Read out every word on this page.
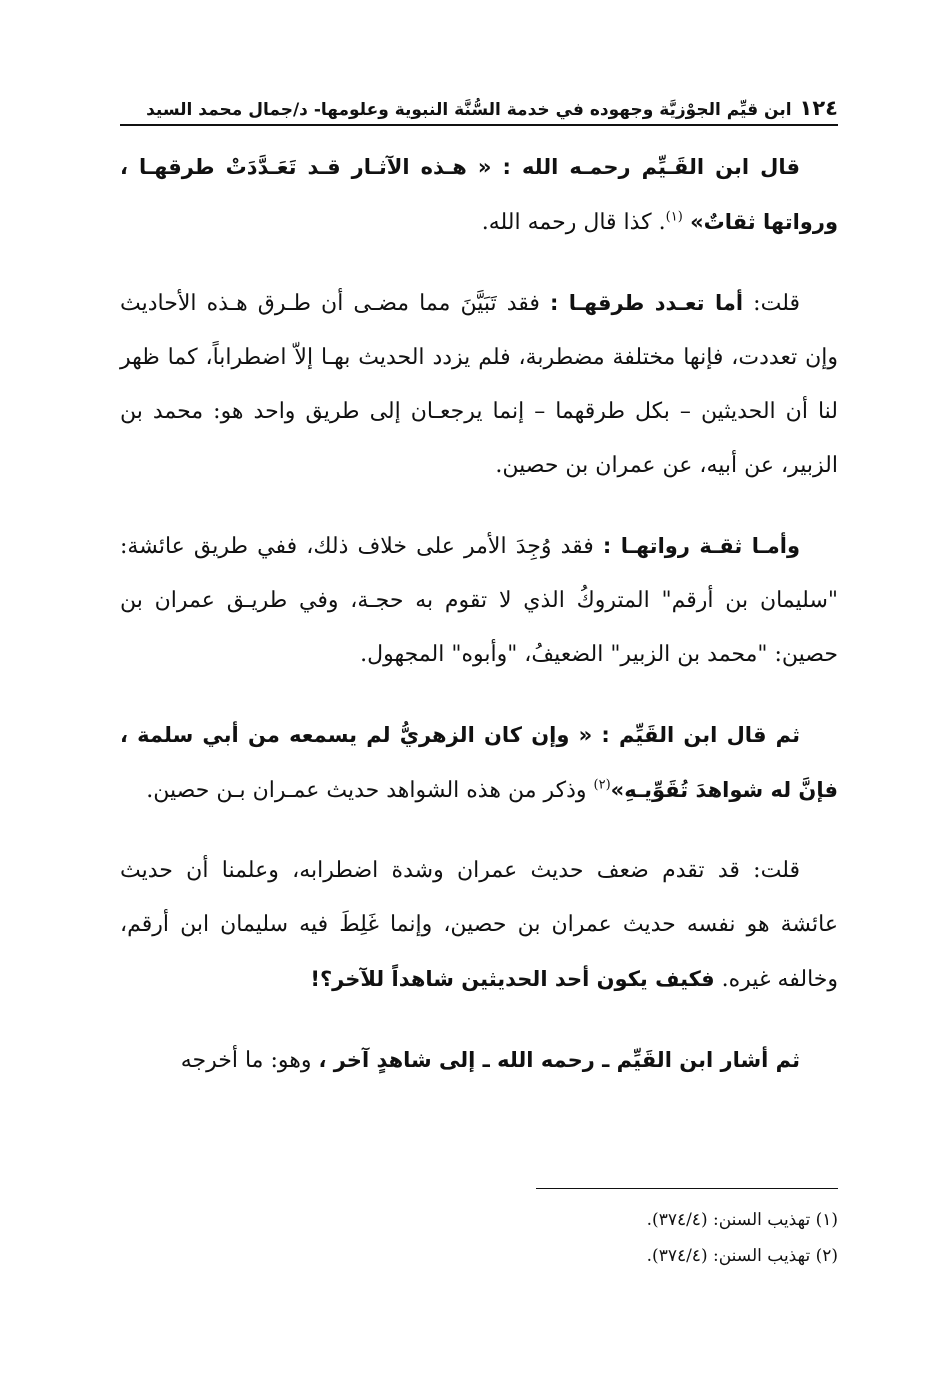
١٢٤
ابن قيِّم الجوْزيَّة وجهوده في خدمة السُّنَّة النبوية وعلومها- د/جمال محمد السيد

قال ابن القَـيِّم رحمـه الله : « هـذه الآثـار قـد تَعَـدَّدَتْ طرقهـا ، ورواتها ثقاتٌ» $^{(١)}$. كذا قال رحمه الله.

قلت: أما تعـدد طرقهـا : فقد تَبَيَّنَ مما مضـى أن طـرق هـذه الأحاديث وإن تعددت، فإنها مختلفة مضطربة، فلم يزدد الحديث بهـا إلاّ اضطراباً، كما ظهر لنا أن الحديثين – بكل طرقهما – إنما يرجعـان إلى طريق واحد هو: محمد بن الزبير، عن أبيه، عن عمران بن حصين.

وأمـا ثقـة رواتهـا : فقد وُجِدَ الأمر على خلاف ذلك، ففي طريق عائشة: "سليمان بن أرقم" المتروكُ الذي لا تقوم به حجـة، وفي طريـق عمران بن حصين: "محمد بن الزبير" الضعيفُ، "وأبوه" المجهول.

ثم قال ابن القَيِّم : « وإن كان الزهريُّ لم يسمعه من أبي سلمة ، فإنَّ له شواهدَ تُقَوِّيـهِ»$^{(٢)}$ وذكر من هذه الشواهد حديث عمـران بـن حصين.

قلت: قد تقدم ضعف حديث عمران وشدة اضطرابه، وعلمنا أن حديث عائشة هو نفسه حديث عمران بن حصين، وإنما غَلِطَ فيه سليمان ابن أرقم، وخالفه غيره. فكيف يكون أحد الحديثين شاهداً للآخر؟!

ثم أشار ابن القَيِّم ـ رحمه الله ـ إلى شاهدٍ آخر ، وهو: ما أخرجه

(١) تهذيب السنن: (٣٧٤/٤).
(٢) تهذيب السنن: (٣٧٤/٤).
